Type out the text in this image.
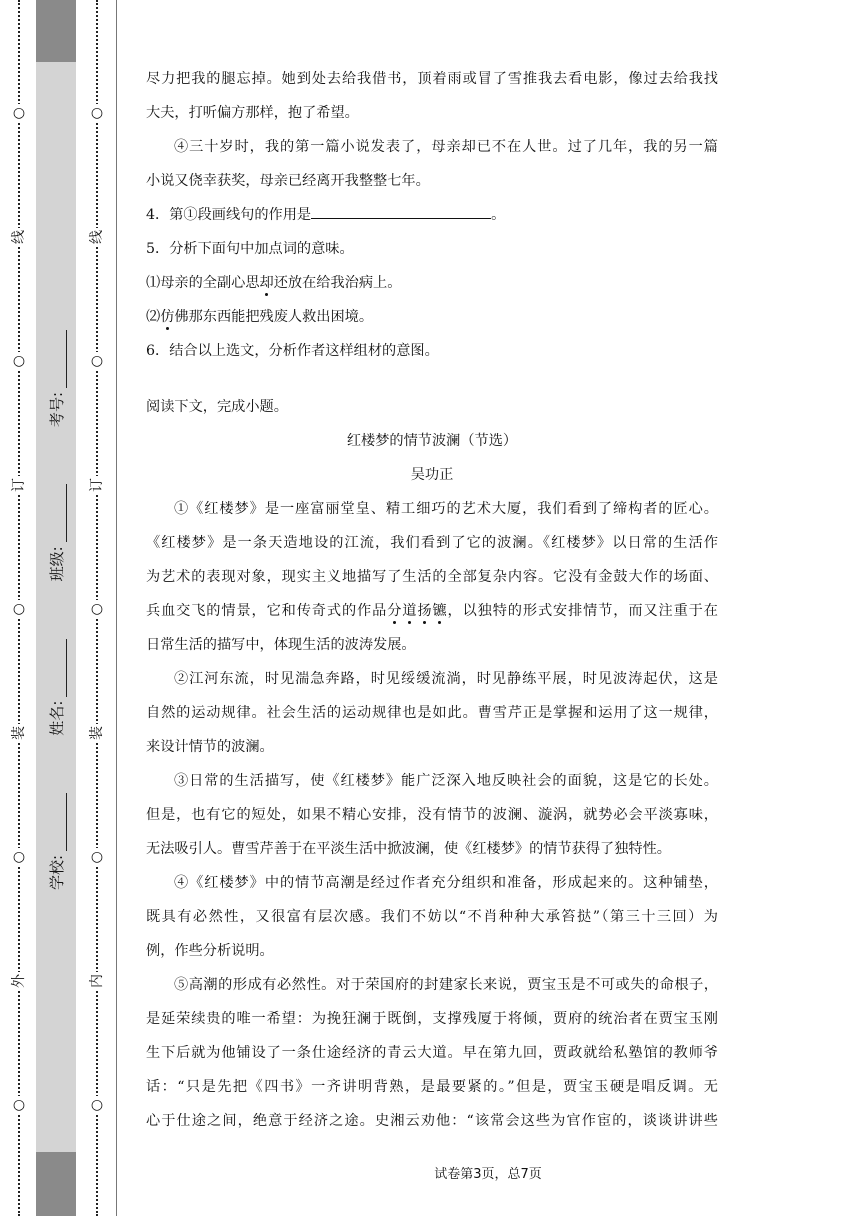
○
线
○
订
○
装
○
外
○
学校:
姓名:
班级:
考号:
○
线
○
订
○
装
○
内
○

尽力把我的腿忘掉。她到处去给我借书，顶着雨或冒了雪推我去看电影，像过去给我找

大夫，打听偏方那样，抱了希望。

④三十岁时，我的第一篇小说发表了，母亲却已不在人世。过了几年，我的另一篇

小说又侥幸获奖，母亲已经离开我整整七年。

4．第①段画线句的作用是	。

5．分析下面句中加点词的意味。

⑴母亲的全副心思却还放在给我治病上。

⑵仿佛那东西能把残废人救出困境。

6．结合以上选文，分析作者这样组材的意图。

阅读下文，完成小题。

红楼梦的情节波澜（节选）

吴功正

①《红楼梦》是一座富丽堂皇、精工细巧的艺术大厦，我们看到了缔构者的匠心。

《红楼梦》是一条天造地设的江流，我们看到了它的波澜。《红楼梦》以日常的生活作

为艺术的表现对象，现实主义地描写了生活的全部复杂内容。它没有金鼓大作的场面、

兵血交飞的情景，它和传奇式的作品分道扬镳，以独特的形式安排情节，而又注重于在

日常生活的描写中，体现生活的波涛发展。

②江河东流，时见湍急奔路，时见绥缓流淌，时见静练平展，时见波涛起伏，这是

自然的运动规律。社会生活的运动规律也是如此。曹雪芹正是掌握和运用了这一规律，

来设计情节的波澜。

③日常的生活描写，使《红楼梦》能广泛深入地反映社会的面貌，这是它的长处。

但是，也有它的短处，如果不精心安排，没有情节的波澜、漩涡，就势必会平淡寡味，

无法吸引人。曹雪芹善于在平淡生活中掀波澜，使《红楼梦》的情节获得了独特性。

④《红楼梦》中的情节高潮是经过作者充分组织和准备，形成起来的。这种铺垫，

既具有必然性，又很富有层次感。我们不妨以“不肖种种大承笞挞”（第三十三回）为

例，作些分析说明。

⑤高潮的形成有必然性。对于荣国府的封建家长来说，贾宝玉是不可或失的命根子，

是延荣续贵的唯一希望：为挽狂澜于既倒，支撑残厦于将倾，贾府的统治者在贾宝玉刚

生下后就为他铺设了一条仕途经济的青云大道。早在第九回，贾政就给私塾馆的教师爷

话：“只是先把《四书》一齐讲明背熟，是最要紧的。”但是，贾宝玉硬是唱反调。无

心于仕途之间，绝意于经济之途。史湘云劝他：“该常会这些为官作宦的，谈谈讲讲些

试卷第3页，总7页
